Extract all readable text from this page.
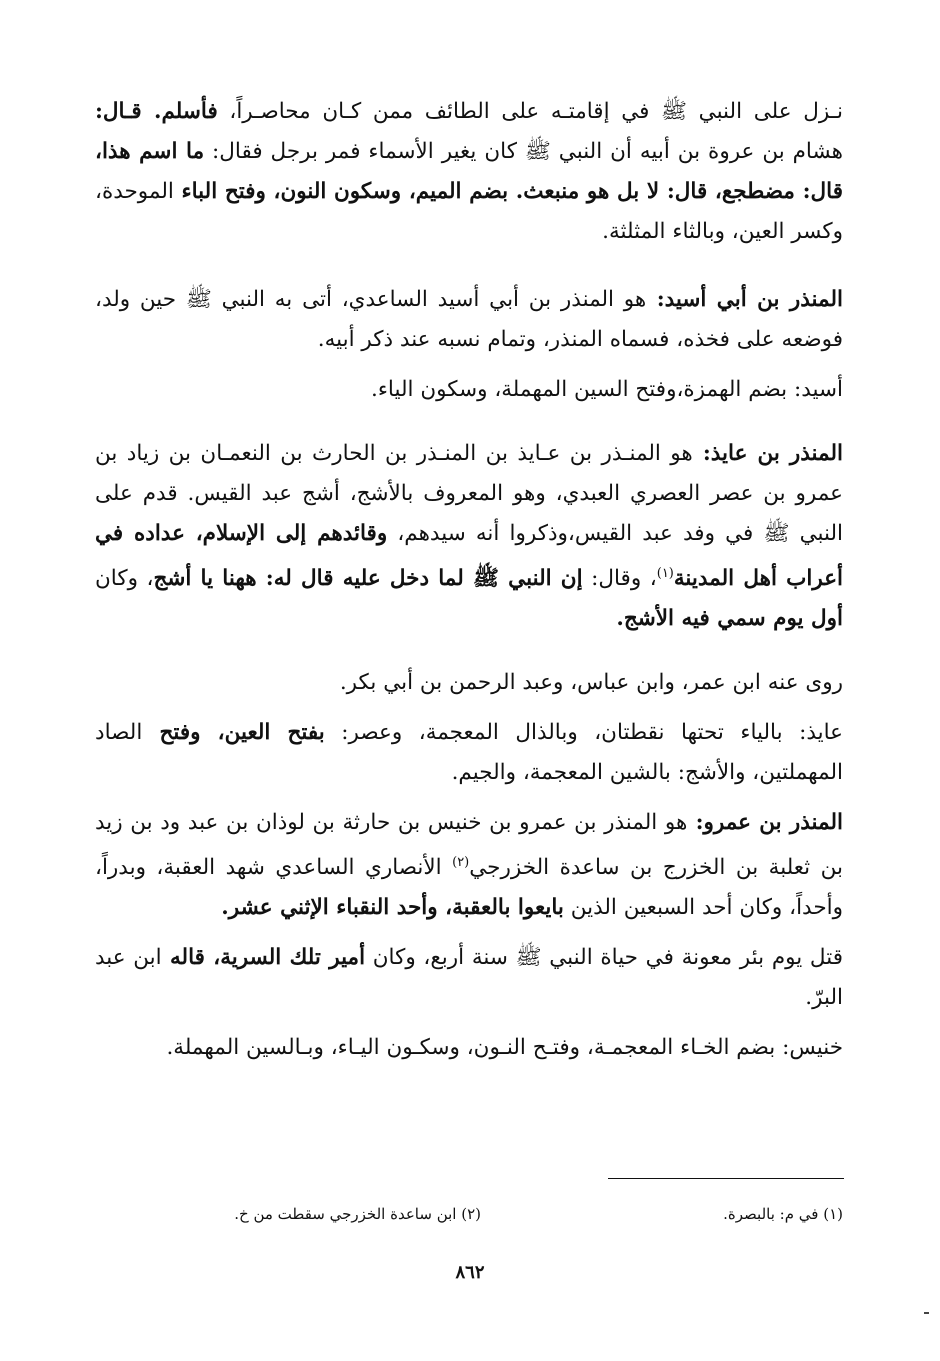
نـزل على النبي ﷺ في إقامتـه على الطائف ممن كـان محاصـراً، فأسلم. قـال: هشام بن عروة بن أبيه أن النبي ﷺ كان يغير الأسماء فمر برجل فقال: ما اسم هذا، قال: مضطجع، قال: لا بل هو منبعث. بضم الميم، وسكون النون، وفتح الباء الموحدة، وكسر العين، وبالثاء المثلثة.

المنذر بن أبي أسيد: هو المنذر بن أبي أسيد الساعدي، أتى به النبي ﷺ حين ولد، فوضعه على فخذه، فسماه المنذر، وتمام نسبه عند ذكر أبيه.

أسيد: بضم الهمزة،وفتح السين المهملة، وسكون الياء.

المنذر بن عايذ: هو المنـذر بن عـايذ بن المنـذر بن الحارث بن النعمـان بن زياد بن عمرو بن عصر العصري العبدي، وهو المعروف بالأشج، أشج عبد القيس. قدم على النبي ﷺ في وفد عبد القيس،وذكروا أنه سيدهم، وقائدهم إلى الإسلام، عداده في أعراب أهل المدينة$^{(١)}$، وقال: إن النبي ﷺ لما دخل عليه قال له: ههنا يا أشج، وكان أول يوم سمي فيه الأشج.

روى عنه ابن عمر، وابن عباس، وعبد الرحمن بن أبي بكر.

عايذ: بالياء تحتها نقطتان، وبالذال المعجمة، وعصر: بفتح العين، وفتح الصاد المهملتين، والأشج: بالشين المعجمة، والجيم.

المنذر بن عمرو: هو المنذر بن عمرو بن خنيس بن حارثة بن لوذان بن عبد ود بن زيد بن ثعلبة بن الخزرج بن ساعدة الخزرجي$^{(٢)}$ الأنصاري الساعدي شهد العقبة، وبدراً، وأحداً، وكان أحد السبعين الذين بايعوا بالعقبة، وأحد النقباء الإثني عشر.

قتل يوم بئر معونة في حياة النبي ﷺ سنة أربع، وكان أمير تلك السرية، قاله ابن عبد البرّ.

خنيس: بضم الخـاء المعجمـة، وفتـح النـون، وسكـون اليـاء، وبـالسين المهملة.

(١) في م: بالبصرة.
(٢) ابن ساعدة الخزرجي سقطت من خ.
٨٦٢
